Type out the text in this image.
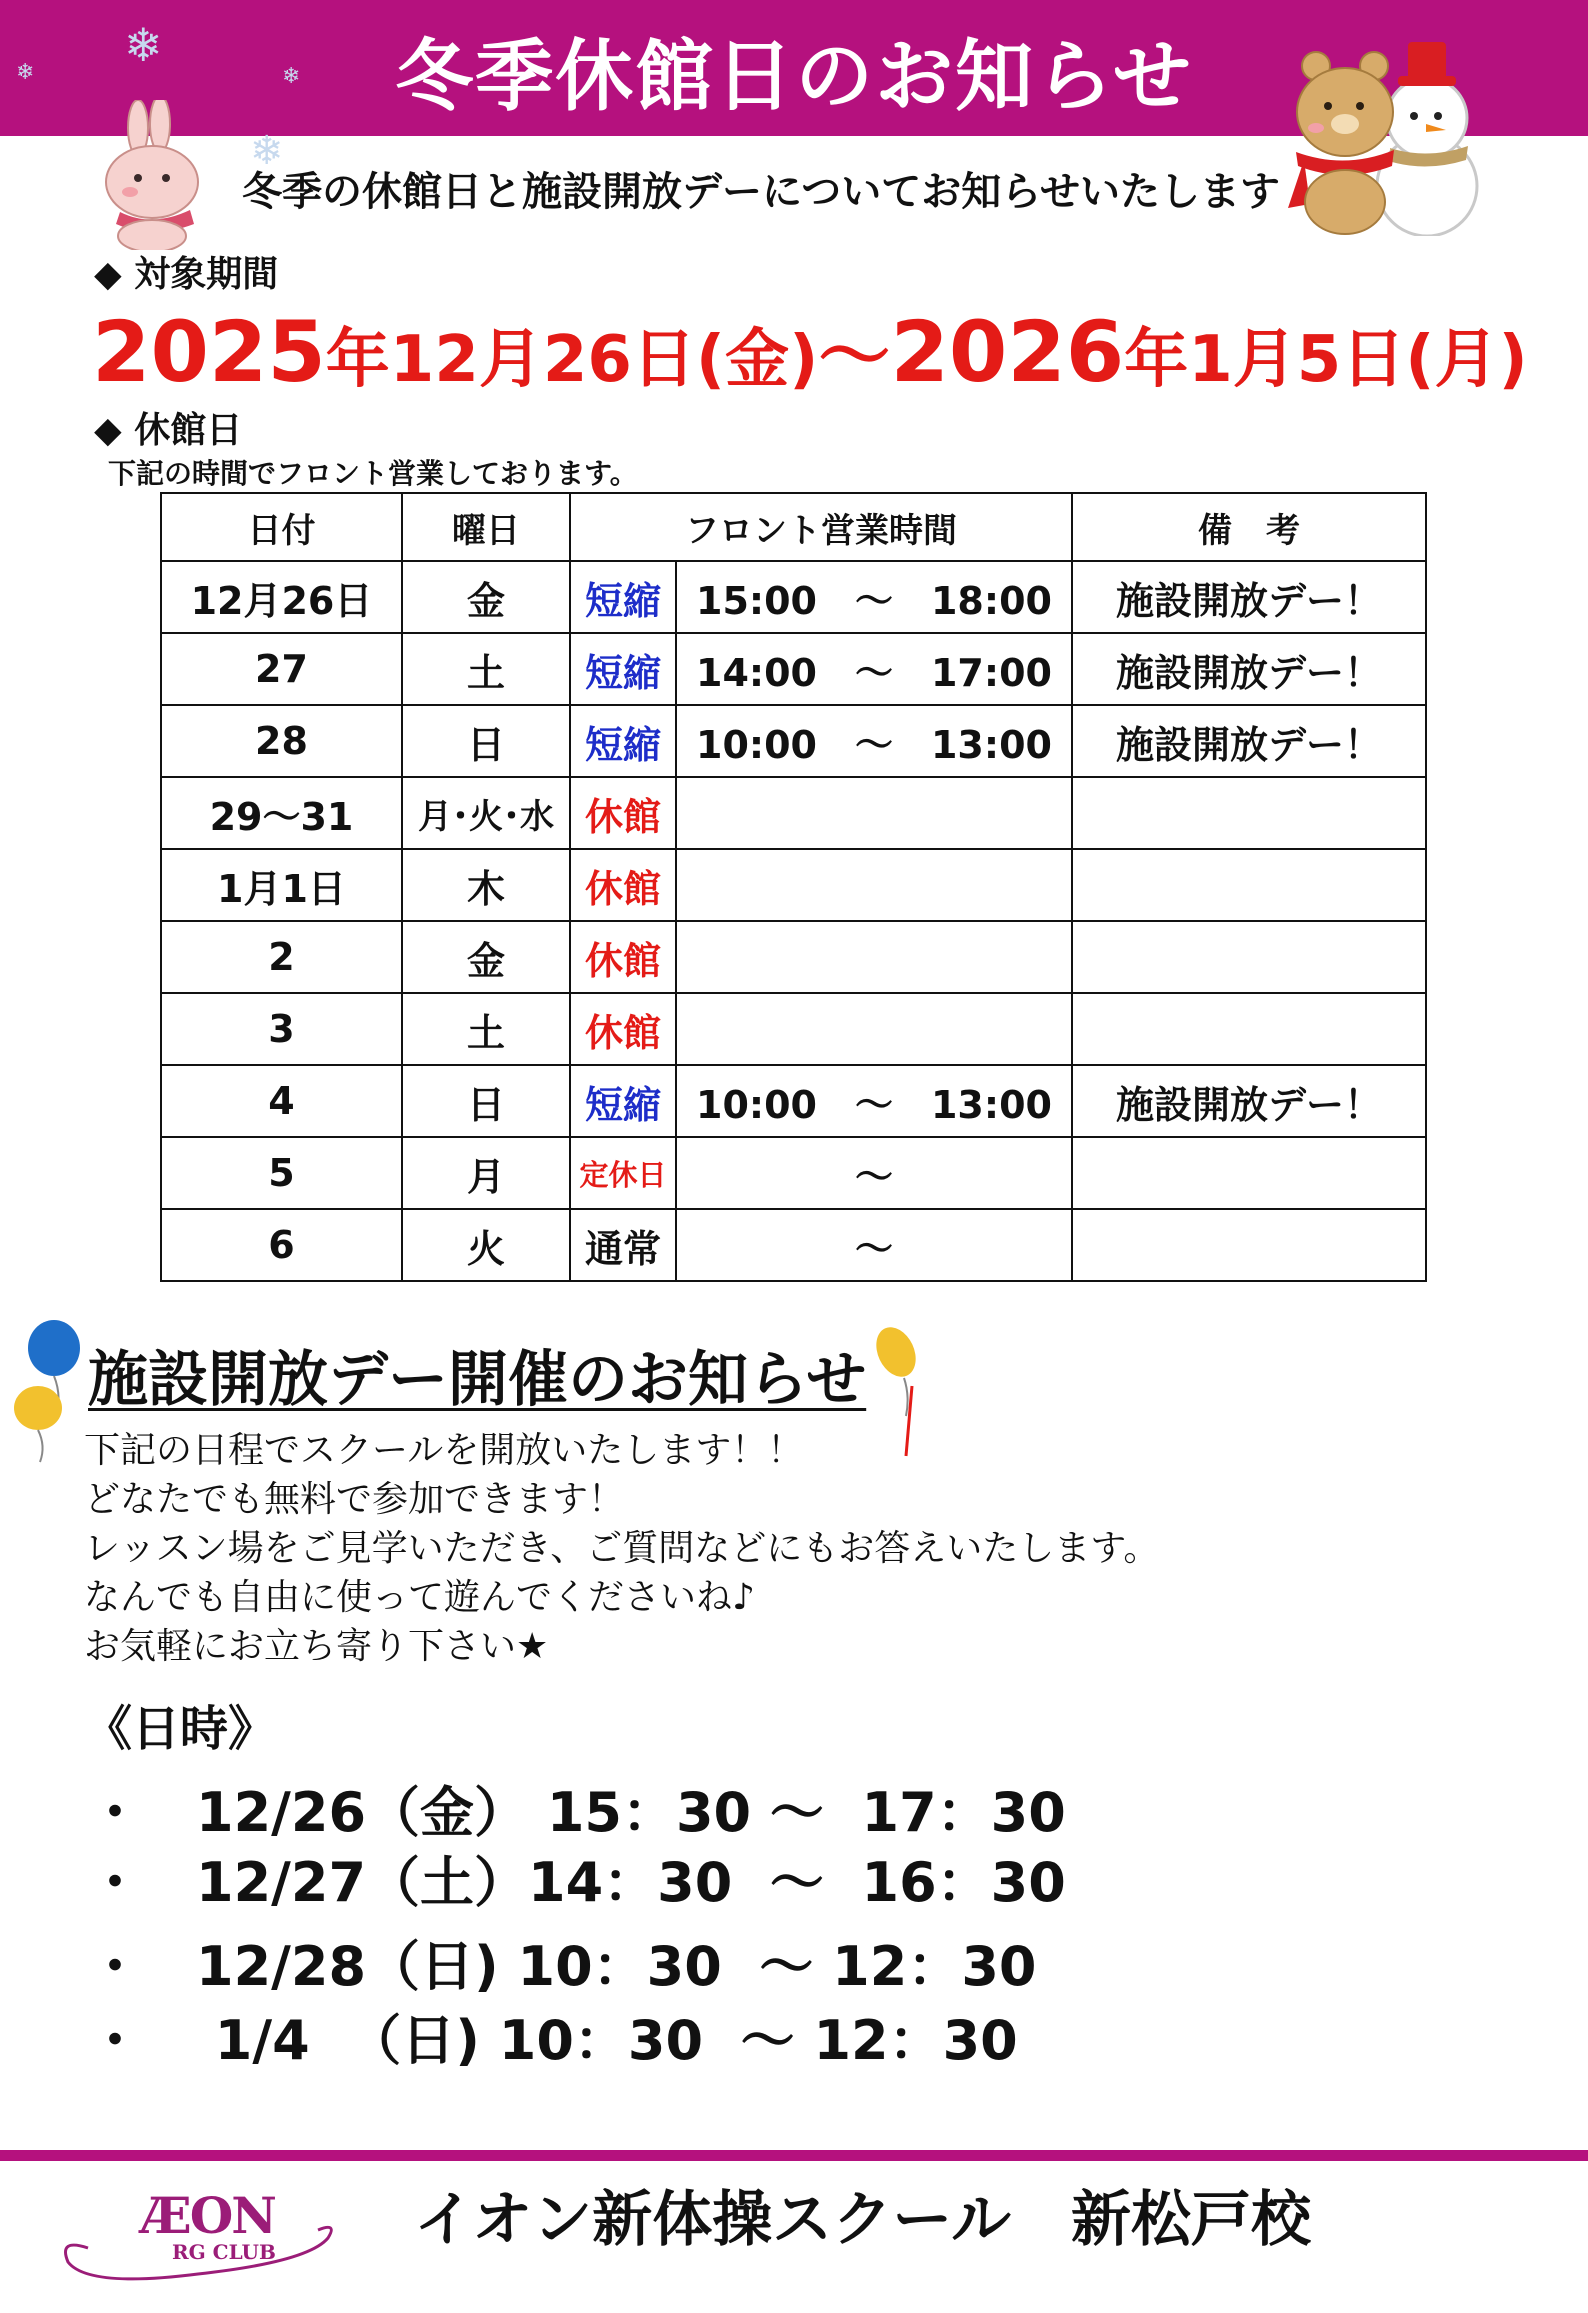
冬季休館日のお知らせ
❄
❄	❄
❄
冬季の休館日と施設開放デーについてお知らせいたします
◆ 対象期間
2025年12月26日(金)〜2026年1月5日(月)
◆ 休館日
下記の時間でフロント営業しております。
日付	曜日	フロント営業時間		備　考
12月26日	金	短縮	15:00　〜　18:00	施設開放デー！
27	土	短縮	14:00　〜　17:00	施設開放デー！
28	日	短縮	10:00　〜　13:00	施設開放デー！
29〜31	月･火･水	休館		
1月1日	木	休館		
2	金	休館		
3	土	休館		
4	日	短縮	10:00　〜　13:00	施設開放デー！
5	月	定休日	〜	
6	火	通常	〜	
施設開放デー開催のお知らせ
下記の日程でスクールを開放いたします！！
どなたでも無料で参加できます！
レッスン場をご見学いただき、ご質問などにもお答えいたします。
なんでも自由に使って遊んでくださいね♪
お気軽にお立ち寄り下さい★
《日時》
・　12/26（金） 15：30 〜  17：30
・　12/27（土）14：30  〜  16：30
・　12/28（日) 10：30  〜 12：30
・　 1/4  （日) 10：30  〜 12：30
ÆON
RG CLUB イオン新体操スクール　新松戸校
